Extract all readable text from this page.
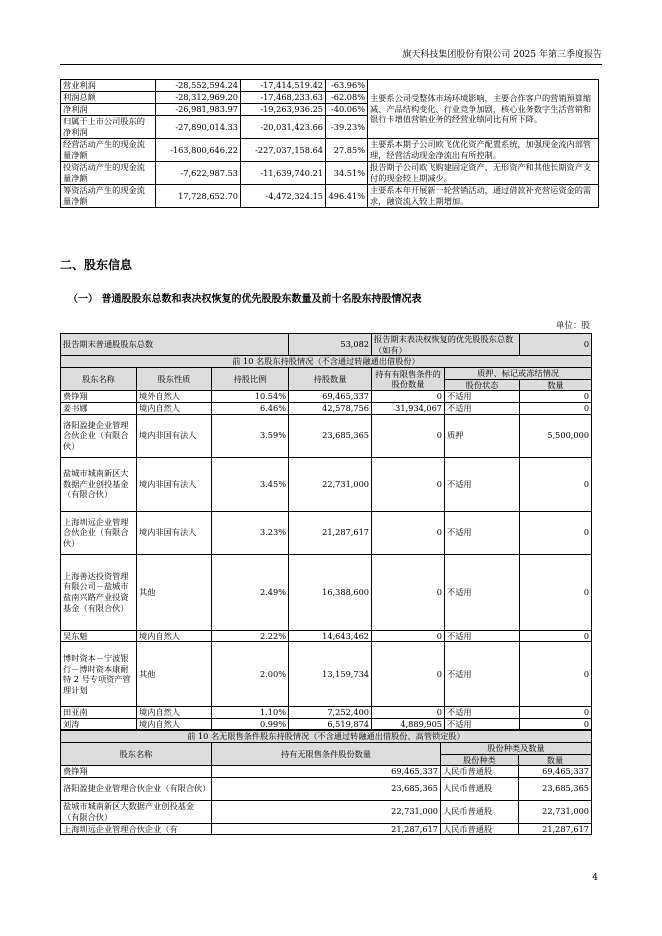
旗天科技集团股份有限公司 2025 年第三季度报告
营业利润	-28,552,594.24	-17,414,519.42	-63.96%	主要系公司受整体市场环境影响，主要合作客户的营销预算缩减、产品结构变化、行业竞争加剧，核心业务数字生活营销和银行卡增值营销业务的经营业绩同比有所下降。
利润总额	-28,312,969.20	-17,468,233.63	-62.08%	
净利润	-26,981,983.97	-19,263,936.25	-40.06%	
归属于上市公司股东的净利润	-27,890,014.33	-20,031,423.66	-39.23%	
经营活动产生的现金流量净额	-163,800,646.22	-227,037,158.64	27.85%	主要系本期子公司欧飞优化资产配置系统，加强现金流内部管理，经营活动现金净流出有所控制。
投资活动产生的现金流量净额	-7,622,987.53	-11,639,740.21	34.51%	报告期子公司欧飞购建固定资产、无形资产和其他长期资产支付的现金较上期减少。
筹资活动产生的现金流量净额	17,728,652.70	-4,472,324.15	496.41%	主要系本年开展新一轮营销活动，通过借款补充营运资金的需求，融资流入较上期增加。
二、股东信息
（一） 普通股股东总数和表决权恢复的优先股股东数量及前十名股东持股情况表
单位：股
报告期末普通股股东总数			53,082	报告期末表决权恢复的优先股股东总数（如有）		0
前 10 名股东持股情况（不含通过转融通出借股份）						
股东名称	股东性质	持股比例	持股数量	持有有限售条件的股份数量	质押、标记或冻结情况	
					股份状态	数量
费铮翔	境外自然人	10.54%	69,465,337	0	不适用	0
姜书娜	境内自然人	6.46%	42,578,756	31,934,067	不适用	0
洛阳盈捷企业管理合伙企业（有限合伙）	境内非国有法人	3.59%	23,685,365	0	质押	5,500,000
盐城市城南新区大数据产业创投基金（有限合伙）	境内非国有法人	3.45%	22,731,000	0	不适用	0
上海圳远企业管理合伙企业（有限合伙）	境内非国有法人	3.23%	21,287,617	0	不适用	0
上海善达投资管理有限公司－盐城市盐南兴路产业投资基金（有限合伙）	其他	2.49%	16,388,600	0	不适用	0
吴东魁	境内自然人	2.22%	14,643,462	0	不适用	0
博时资本－宁波银行－博时资本康耐特 2 号专项资产管理计划	其他	2.00%	13,159,734	0	不适用	0
田亚南	境内自然人	1.10%	7,252,400	0	不适用	0
刘涛	境内自然人	0.99%	6,519,874	4,889,905	不适用	0
前 10 名无限售条件股东持股情况（不含通过转融通出借股份、高管锁定股）			
股东名称	持有无限售条件股份数量	股份种类及数量	
		股份种类	数量
费铮翔	69,465,337	人民币普通股	69,465,337
洛阳盈捷企业管理合伙企业（有限合伙）	23,685,365	人民币普通股	23,685,365
盐城市城南新区大数据产业创投基金（有限合伙）	22,731,000	人民币普通股	22,731,000
上海圳远企业管理合伙企业（有	21,287,617	人民币普通股	21,287,617
4
